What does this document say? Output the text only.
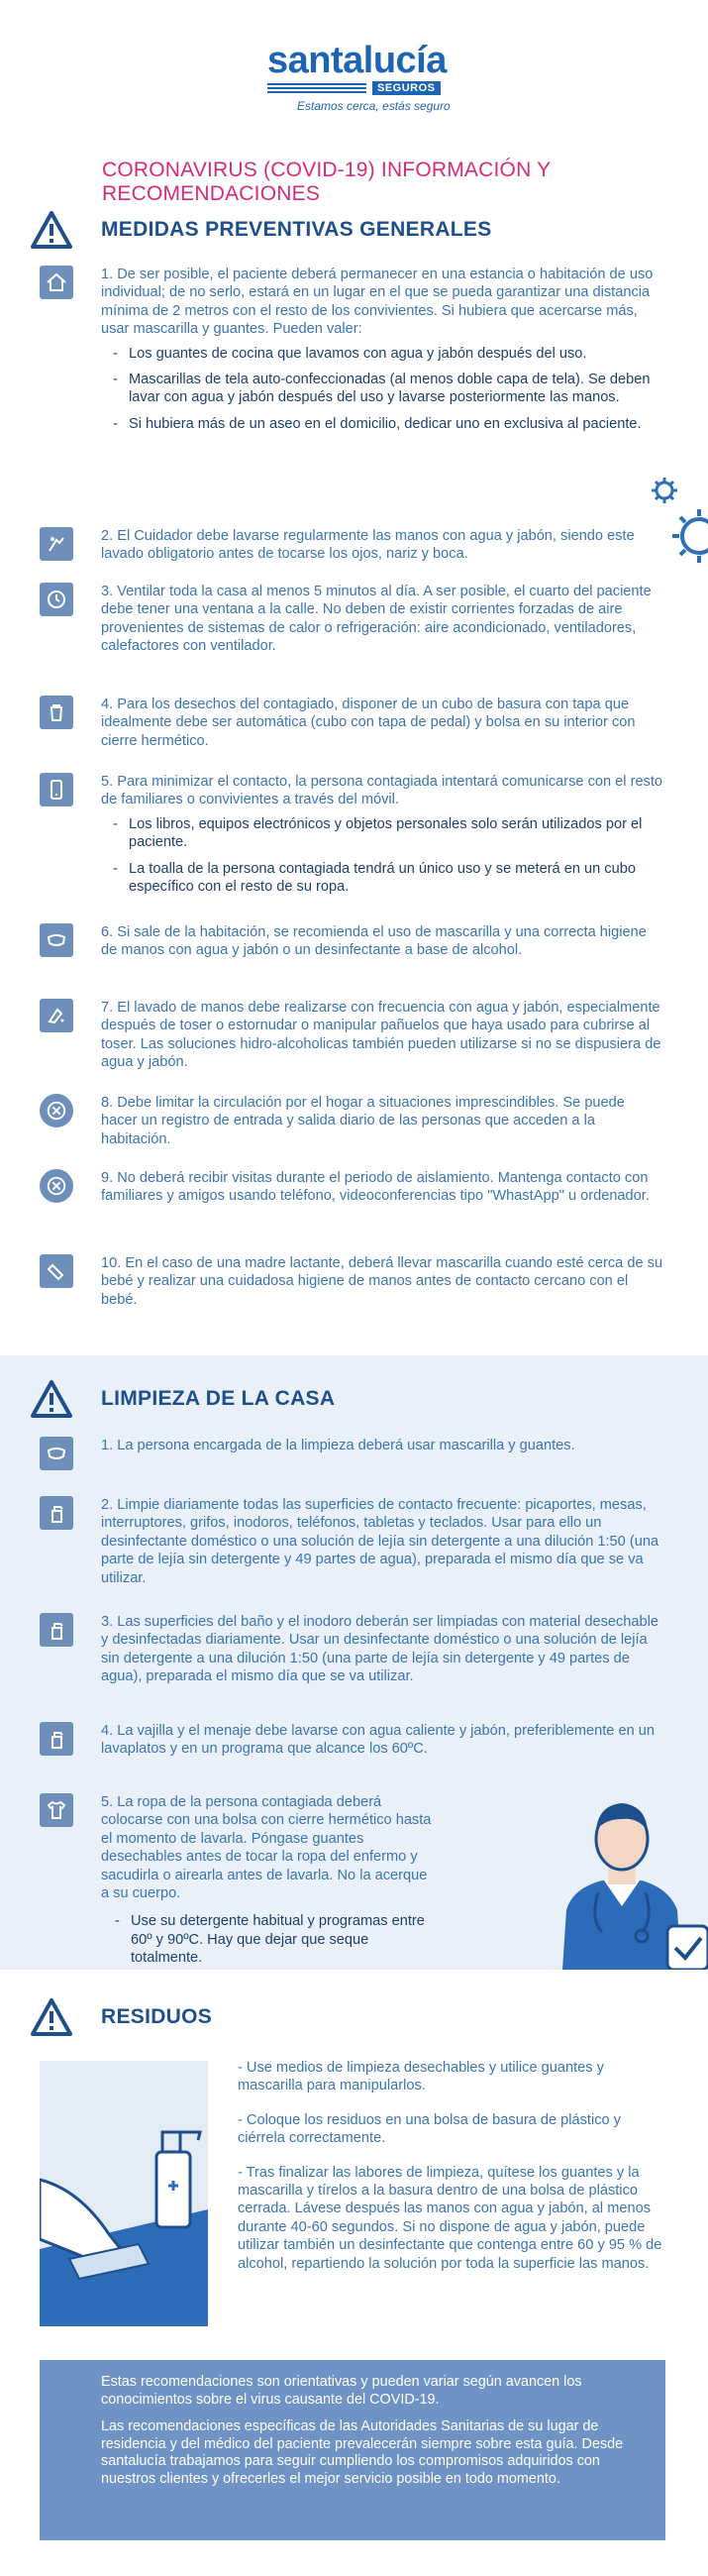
santalucía
SEGUROS
Estamos cerca, estás seguro
CORONAVIRUS (COVID-19) INFORMACIÓN Y RECOMENDACIONES
MEDIDAS PREVENTIVAS GENERALES

1. De ser posible, el paciente deberá permanecer en una estancia o habitación de uso individual; de no serlo, estará en un lugar en el que se pueda garantizar una distancia mínima de 2 metros con el resto de los convivientes. Si hubiera que acercarse más, usar mascarilla y guantes. Pueden valer:

- Los guantes de cocina que lavamos con agua y jabón después del uso.
- Mascarillas de tela auto-confeccionadas (al menos doble capa de tela). Se deben lavar con agua y jabón después del uso y lavarse posteriormente las manos.
- Si hubiera más de un aseo en el domicilio, dedicar uno en exclusiva al paciente.

2. El Cuidador debe lavarse regularmente las manos con agua y jabón, siendo este lavado obligatorio antes de tocarse los ojos, nariz y boca.

3. Ventilar toda la casa al menos 5 minutos al día. A ser posible, el cuarto del paciente debe tener una ventana a la calle. No deben de existir corrientes forzadas de aire provenientes de sistemas de calor o refrigeración: aire acondicionado, ventiladores, calefactores con ventilador.

4. Para los desechos del contagiado, disponer de un cubo de basura con tapa que idealmente debe ser automática (cubo con tapa de pedal) y bolsa en su interior con cierre hermético.

5. Para minimizar el contacto, la persona contagiada intentará comunicarse con el resto de familiares o convivientes a través del móvil.

- Los libros, equipos electrónicos y objetos personales solo serán utilizados por el paciente.
- La toalla de la persona contagiada tendrá un único uso y se meterá en un cubo específico con el resto de su ropa.

6. Si sale de la habitación, se recomienda el uso de mascarilla y una correcta higiene de manos con agua y jabón o un desinfectante a base de alcohol.

7. El lavado de manos debe realizarse con frecuencia con agua y jabón, especialmente después de toser o estornudar o manipular pañuelos que haya usado para cubrirse al toser. Las soluciones hidro-alcoholicas también pueden utilizarse si no se dispusiera de agua y jabón.

8. Debe limitar la circulación por el hogar a situaciones imprescindibles. Se puede hacer un registro de entrada y salida diario de las personas que acceden a la habitación.

9. No deberá recibir visitas durante el periodo de aislamiento. Mantenga contacto con familiares y amigos usando teléfono, videoconferencias tipo "WhastApp" u ordenador.

10. En el caso de una madre lactante, deberá llevar mascarilla cuando esté cerca de su bebé y realizar una cuidadosa higiene de manos antes de contacto cercano con el bebé.

LIMPIEZA DE LA CASA

1. La persona encargada de la limpieza deberá usar mascarilla y guantes.

2. Limpie diariamente todas las superficies de contacto frecuente: picaportes, mesas, interruptores, grifos, inodoros, teléfonos, tabletas y teclados. Usar para ello un desinfectante doméstico o una solución de lejía sin detergente a una dilución 1:50 (una parte de lejía sin detergente y 49 partes de agua), preparada el mismo día que se va utilizar.

3. Las superficies del baño y el inodoro deberán ser limpiadas con material desechable y desinfectadas diariamente. Usar un desinfectante doméstico o una solución de lejía sin detergente a una dilución 1:50 (una parte de lejía sin detergente y 49 partes de agua), preparada el mismo día que se va utilizar.

4. La vajilla y el menaje debe lavarse con agua caliente y jabón, preferiblemente en un lavaplatos y en un programa que alcance los 60ºC.

5. La ropa de la persona contagiada deberá colocarse con una bolsa con cierre hermético hasta el momento de lavarla. Póngase guantes desechables antes de tocar la ropa del enfermo y sacudirla o airearla antes de lavarla. No la acerque a su cuerpo.

- Use su detergente habitual y programas entre 60º y 90ºC. Hay que dejar que seque totalmente.
RESIDUOS

- Use medios de limpieza desechables y utilice guantes y mascarilla para manipularlos.

- Coloque los residuos en una bolsa de basura de plástico y ciérrela correctamente.

- Tras finalizar las labores de limpieza, quítese los guantes y la mascarilla y tírelos a la basura dentro de una bolsa de plástico cerrada. Lávese después las manos con agua y jabón, al menos durante 40-60 segundos. Si no dispone de agua y jabón, puede utilizar también un desinfectante que contenga entre 60 y 95 % de alcohol, repartiendo la solución por toda la superficie las manos.

Estas recomendaciones son orientativas y pueden variar según avancen los conocimientos sobre el virus causante del COVID-19.

Las recomendaciones específicas de las Autoridades Sanitarias de su lugar de residencia y del médico del paciente prevalecerán siempre sobre esta guía. Desde santalucía trabajamos para seguir cumpliendo los compromisos adquiridos con nuestros clientes y ofrecerles el mejor servicio posible en todo momento.
